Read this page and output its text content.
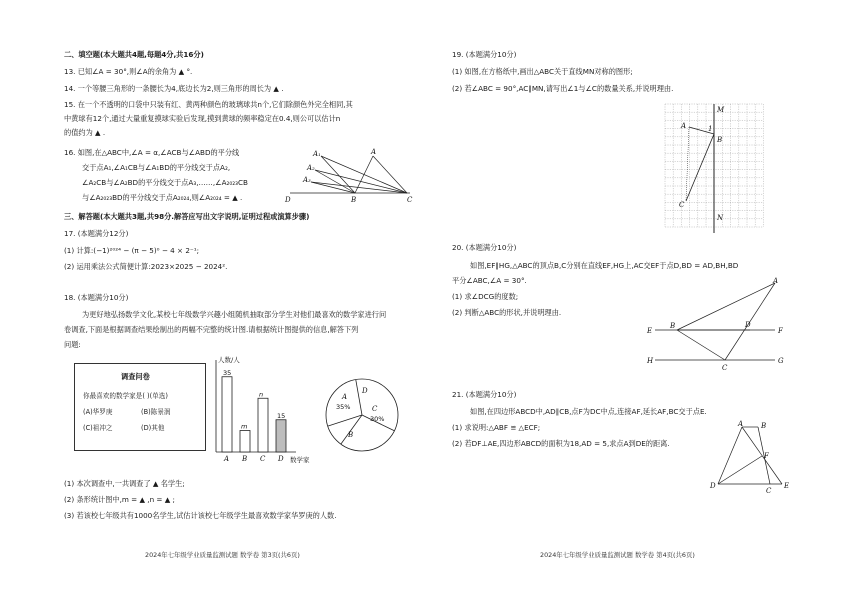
二、填空题(本大题共4题,每题4分,共16分)
13. 已知∠A = 30°,则∠A的余角为 ▲ °.
14. 一个等腰三角形的一条腰长为4,底边长为2,则三角形的周长为 ▲ .
15. 在一个不透明的口袋中只装有红、黄两种颜色的玻璃球共n个,它们除颜色外完全相同,其
中黄球有12个,通过大量重复摸球实验后发现,摸到黄球的频率稳定在0.4,则公可以估计n
的值约为 ▲ .
16. 如图,在△ABC中,∠A = α,∠ACB与∠ABD的平分线
交于点A₁,∠A₁CB与∠A₁BD的平分线交于点A₂,
∠A₂CB与∠A₂BD的平分线交于点A₃,……,∠A₂₀₂₃CB
与∠A₂₀₂₃BD的平分线交于点A₂₀₂₄,则∠A₂₀₂₄ = ▲ .
A₁
A₂
A₃
A
D	B	C
三、解答题(本大题共3题,共98分.解答应写出文字说明,证明过程或演算步骤)
17. (本题满分12分)
(1) 计算:(−1)²⁰²⁴ − (π − 5)⁰ − 4 × 2⁻¹;
(2) 运用乘法公式简便计算:2023×2025 − 2024².
18. (本题满分10分)
为更好地弘扬数学文化,某校七年级数学兴趣小组随机抽取部分学生对他们最喜欢的数学家进行问
卷调查,下面是根据调查结果绘制出的两幅不完整的统计图.请根据统计图提供的信息,解答下列
问题:
调查问卷
你最喜欢的数学家是( )(单选)
(A)华罗庚	(B)陈景润
(C)祖冲之	(D)其他
人数/人
数学家
35
A
m
B
n
C
15
D
A
B
C
D
35%
30%
(1) 本次调查中,一共调查了 ▲ 名学生;
(2) 条形统计图中,m = ▲ ,n = ▲ ;
(3) 若该校七年级共有1000名学生,试估计该校七年级学生最喜欢数学家华罗庚的人数.
2024年七年级学业质量监测试题 数学卷 第3页(共6页)
19. (本题满分10分)
(1) 如图,在方格纸中,画出△ABC关于直线MN对称的图形;
(2) 若∠ABC = 90°,AC∥MN,请写出∠1与∠C的数量关系,并说明理由.
M
A	1
B
C
N
20. (本题满分10分)
如图,EF∥HG,△ABC的顶点B,C分别在直线EF,HG上,AC交EF于点D,BD = AD,BH,BD
平分∠ABC,∠A = 30°.
(1) 求∠DCG的度数;
(2) 判断△ABC的形状,并说明理由.
A
E
B	D
F
H
C
G
21. (本题满分10分)
如图,在四边形ABCD中,AD∥CB,点F为DC中点,连接AF,延长AF,BC交于点E.
(1) 求说明:△ABF ≌ △ECF;
(2) 若DF⊥AE,四边形ABCD的面积为18,AD = 5,求点A到DE的距离.
A	B
F
D
C
E
2024年七年级学业质量监测试题 数学卷 第4页(共6页)
